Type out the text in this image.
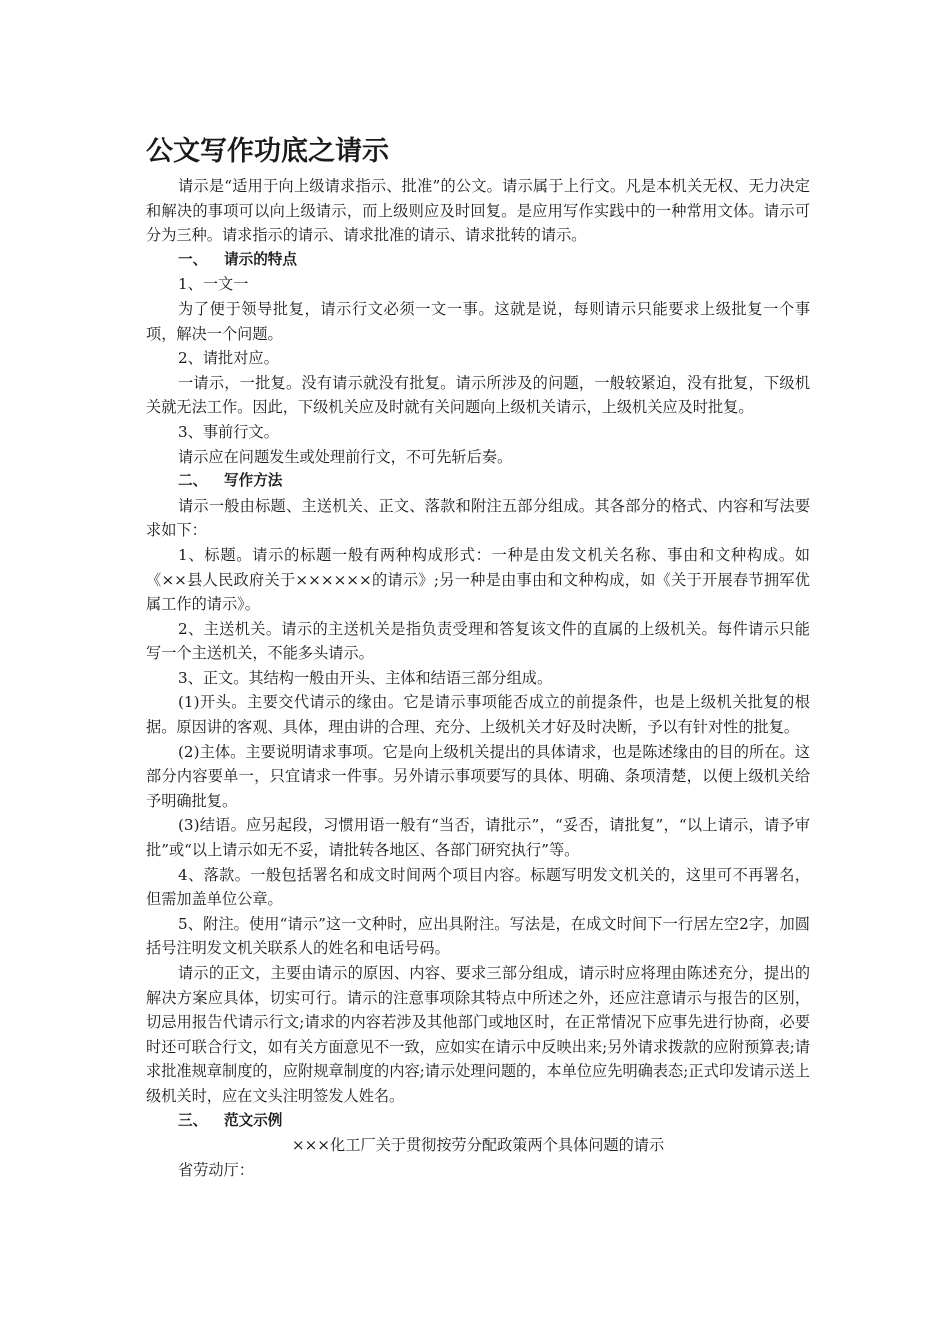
公文写作功底之请示

请示是“适用于向上级请求指示、批准”的公文。请示属于上行文。凡是本机关无权、无力决定和解决的事项可以向上级请示，而上级则应及时回复。是应用写作实践中的一种常用文体。请示可分为三种。请求指示的请示、请求批准的请示、请求批转的请示。

一、 请示的特点

1、一文一

为了便于领导批复，请示行文必须一文一事。这就是说，每则请示只能要求上级批复一个事项，解决一个问题。

2、请批对应。

一请示，一批复。没有请示就没有批复。请示所涉及的问题，一般较紧迫，没有批复，下级机关就无法工作。因此，下级机关应及时就有关问题向上级机关请示，上级机关应及时批复。

3、事前行文。

请示应在问题发生或处理前行文，不可先斩后奏。

二、 写作方法

请示一般由标题、主送机关、正文、落款和附注五部分组成。其各部分的格式、内容和写法要求如下：

1、标题。请示的标题一般有两种构成形式：一种是由发文机关名称、事由和文种构成。如《××县人民政府关于××××××的请示》;另一种是由事由和文种构成，如《关于开展春节拥军优属工作的请示》。

2、主送机关。请示的主送机关是指负责受理和答复该文件的直属的上级机关。每件请示只能写一个主送机关，不能多头请示。

3、正文。其结构一般由开头、主体和结语三部分组成。

(1)开头。主要交代请示的缘由。它是请示事项能否成立的前提条件，也是上级机关批复的根据。原因讲的客观、具体，理由讲的合理、充分、上级机关才好及时决断，予以有针对性的批复。

(2)主体。主要说明请求事项。它是向上级机关提出的具体请求，也是陈述缘由的目的所在。这部分内容要单一，只宜请求一件事。另外请示事项要写的具体、明确、条项清楚，以便上级机关给予明确批复。

(3)结语。应另起段，习惯用语一般有“当否，请批示”，“妥否，请批复”，“以上请示，请予审批”或“以上请示如无不妥，请批转各地区、各部门研究执行”等。

4、落款。一般包括署名和成文时间两个项目内容。标题写明发文机关的，这里可不再署名，但需加盖单位公章。

5、附注。使用“请示”这一文种时，应出具附注。写法是，在成文时间下一行居左空2字，加圆括号注明发文机关联系人的姓名和电话号码。

请示的正文，主要由请示的原因、内容、要求三部分组成，请示时应将理由陈述充分，提出的解决方案应具体，切实可行。请示的注意事项除其特点中所述之外，还应注意请示与报告的区别，切忌用报告代请示行文;请求的内容若涉及其他部门或地区时，在正常情况下应事先进行协商，必要时还可联合行文，如有关方面意见不一致，应如实在请示中反映出来;另外请求拨款的应附预算表;请求批准规章制度的，应附规章制度的内容;请示处理问题的，本单位应先明确表态;正式印发请示送上级机关时，应在文头注明签发人姓名。

三、 范文示例

×××化工厂关于贯彻按劳分配政策两个具体问题的请示

省劳动厅：
